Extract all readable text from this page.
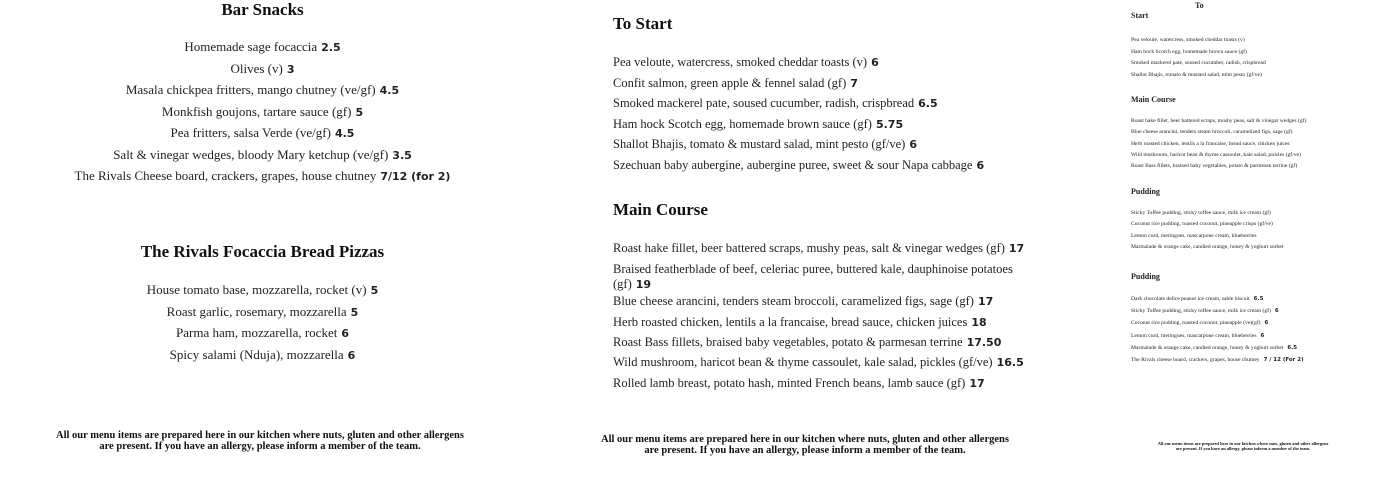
Bar Snacks
Homemade sage focaccia 2.5
Olives (v) 3
Masala chickpea fritters, mango chutney (ve/gf) 4.5
Monkfish goujons, tartare sauce (gf) 5
Pea fritters, salsa Verde (ve/gf) 4.5
Salt & vinegar wedges, bloody Mary ketchup (ve/gf) 3.5
The Rivals Cheese board, crackers, grapes, house chutney 7/12 (for 2)
The Rivals Focaccia Bread Pizzas
House tomato base, mozzarella, rocket (v) 5
Roast garlic, rosemary, mozzarella 5
Parma ham, mozzarella, rocket 6
Spicy salami (Nduja), mozzarella 6
All our menu items are prepared here in our kitchen where nuts, gluten and other allergens
are present. If you have an allergy, please inform a member of the team.
To Start
Pea veloute, watercress, smoked cheddar toasts (v) 6
Confit salmon, green apple & fennel salad (gf) 7
Smoked mackerel pate, soused cucumber, radish, crispbread 6.5
Ham hock Scotch egg, homemade brown sauce (gf) 5.75
Shallot Bhajis, tomato & mustard salad, mint pesto (gf/ve) 6
Szechuan baby aubergine, aubergine puree, sweet & sour Napa cabbage 6
Main Course
Roast hake fillet, beer battered scraps, mushy peas, salt & vinegar wedges (gf) 17
Braised featherblade of beef, celeriac puree, buttered kale, dauphinoise potatoes (gf) 19
Blue cheese arancini, tenders steam broccoli, caramelized figs, sage (gf) 17
Herb roasted chicken, lentils a la francaise, bread sauce, chicken juices 18
Roast Bass fillets, braised baby vegetables, potato & parmesan terrine 17.50
Wild mushroom, haricot bean & thyme cassoulet, kale salad, pickles (gf/ve) 16.5
Rolled lamb breast, potato hash, minted French beans, lamb sauce (gf) 17
All our menu items are prepared here in our kitchen where nuts, gluten and other allergens
are present. If you have an allergy, please inform a member of the team.
To
Start
Main Course
Pudding
Pea veloute, watercress, smoked cheddar toasts (v)
Ham hock Scotch egg, homemade brown sauce (gf)
Smoked mackerel pate, soused cucumber, radish, crispbread
Shallot Bhajis, tomato & mustard salad, mint pesto (gf/ve)
Roast hake fillet, beer battered scraps, mushy peas, salt & vinegar wedges (gf)
Blue cheese arancini, tenders steam broccoli, caramelized figs, sage (gf)
Herb roasted chicken, lentils a la francaise, bread sauce, chicken juices
Wild mushroom, haricot bean & thyme cassoulet, kale salad, pickles (gf/ve)
Roast Bass fillets, braised baby vegetables, potato & parmesan terrine (gf)
Sticky Toffee pudding, sticky toffee sauce, milk ice cream (gf)
Coconut rice pudding, toasted coconut, pineapple crisps (gf/ve)
Lemon curd, meringues, mascarpone cream, blueberries
Marmalade & orange cake, candied orange, honey & yoghurt sorbet
Pudding
Dark chocolate delice peanut ice cream, sable biscuit 6.5
Sticky Toffee pudding, sticky toffee sauce, milk ice cream (gf) 6
Coconut rice pudding, toasted coconut, pineapple (ve)(gf) 6
Lemon curd, meringues, mascarpone cream, blueberries 6
Marmalade & orange cake, candied orange, honey & yoghurt sorbet 6.5
The Rivals cheese board, crackers, grapes, house chutney 7 / 12 (For 2)
All our menu items are prepared here in our kitchen where nuts, gluten and other allergens
are present. If you have an allergy, please inform a member of the team.
